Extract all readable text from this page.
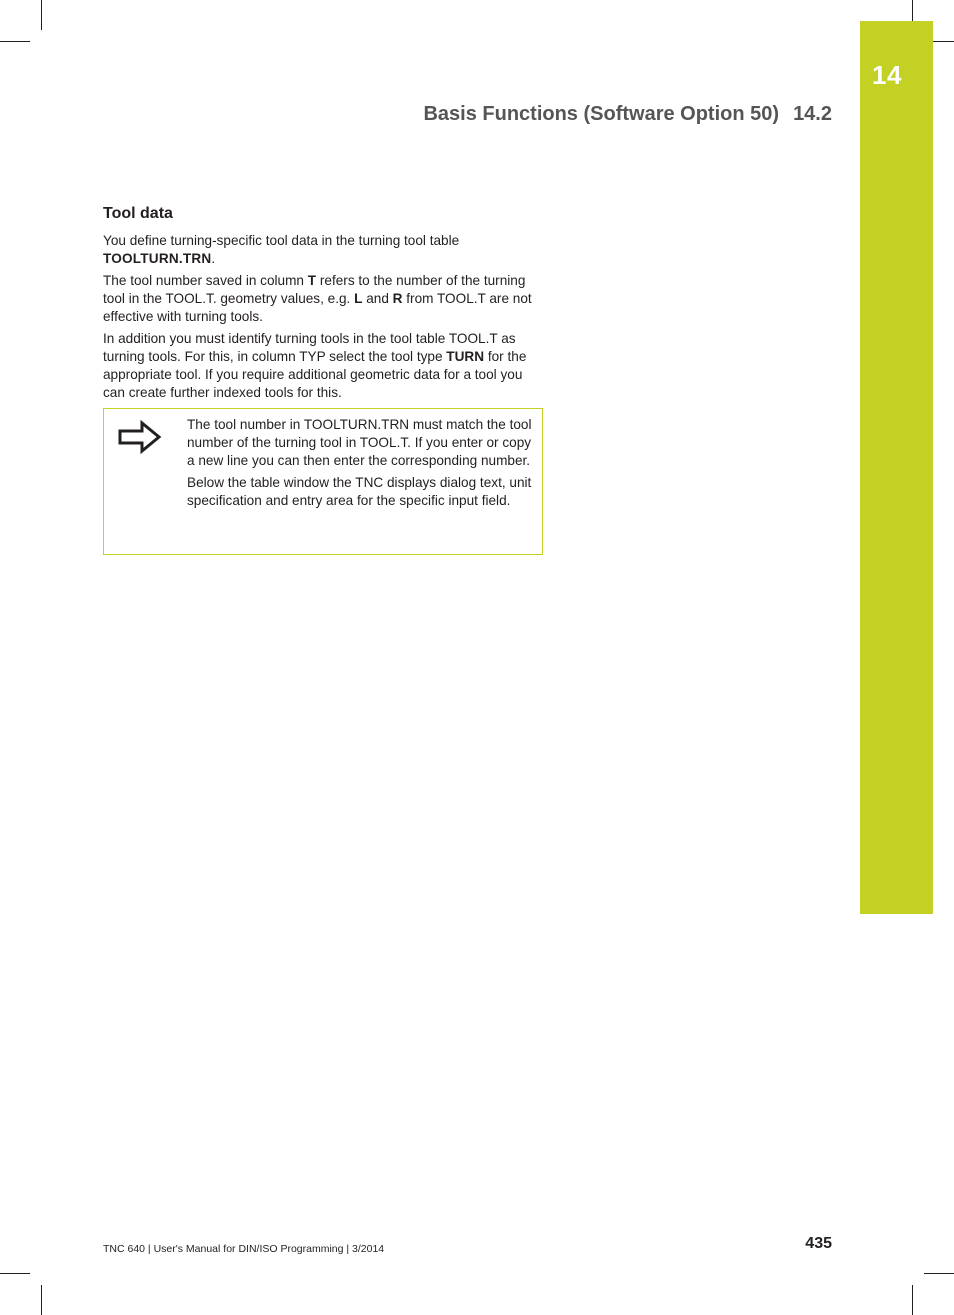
14
Basis Functions (Software Option 50) 14.2
Tool data

You define turning-specific tool data in the turning tool table TOOLTURN.TRN.

The tool number saved in column T refers to the number of the turning tool in the TOOL.T. geometry values, e.g. L and R from TOOL.T are not effective with turning tools.

In addition you must identify turning tools in the tool table TOOL.T as turning tools. For this, in column TYP select the tool type TURN for the appropriate tool. If you require additional geometric data for a tool you can create further indexed tools for this.

The tool number in TOOLTURN.TRN must match the tool number of the turning tool in TOOL.T. If you enter or copy a new line you can then enter the corresponding number.

Below the table window the TNC displays dialog text, unit specification and entry area for the specific input field.

TNC 640 | User's Manual for DIN/ISO Programming | 3/2014	435
